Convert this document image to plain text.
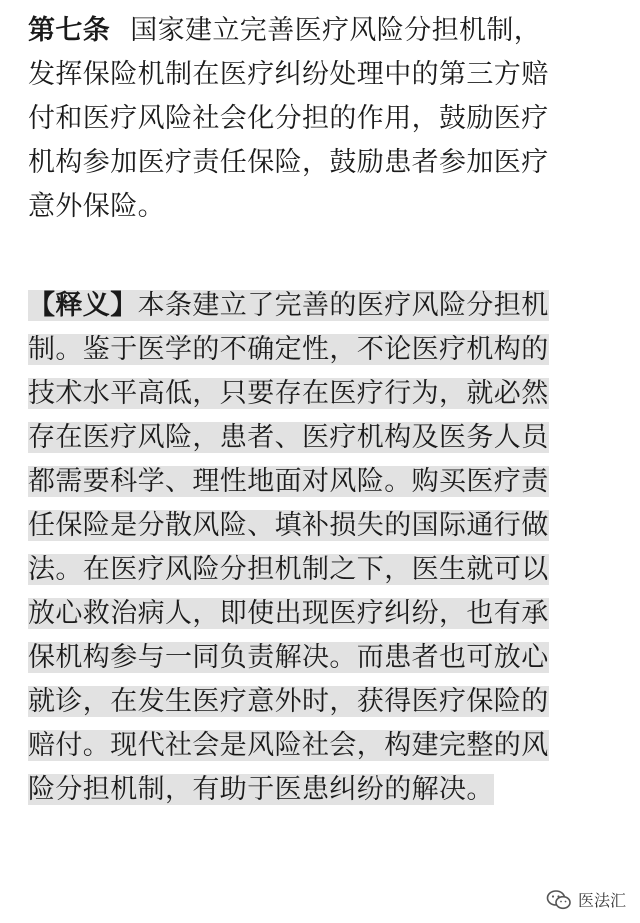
第七条 国家建立完善医疗风险分担机制，
发挥保险机制在医疗纠纷处理中的第三方赔
付和医疗风险社会化分担的作用，鼓励医疗
机构参加医疗责任保险，鼓励患者参加医疗
意外保险。
【释义】本条建立了完善的医疗风险分担机
制。鉴于医学的不确定性，不论医疗机构的
技术水平高低，只要存在医疗行为，就必然
存在医疗风险，患者、医疗机构及医务人员
都需要科学、理性地面对风险。购买医疗责
任保险是分散风险、填补损失的国际通行做
法。在医疗风险分担机制之下，医生就可以
放心救治病人，即使出现医疗纠纷，也有承
保机构参与一同负责解决。而患者也可放心
就诊，在发生医疗意外时，获得医疗保险的
赔付。现代社会是风险社会，构建完整的风
险分担机制，有助于医患纠纷的解决。
医法汇
